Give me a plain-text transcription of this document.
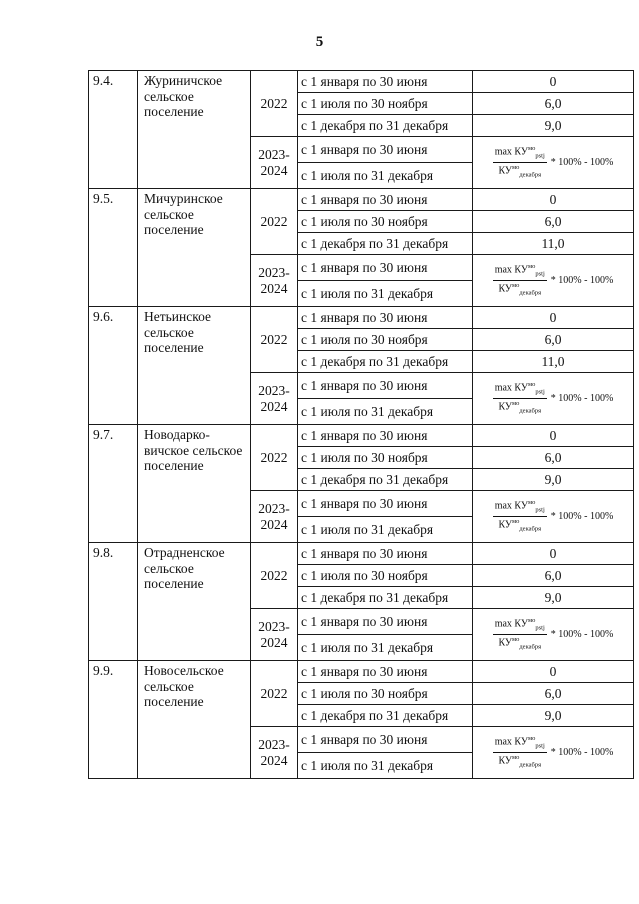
5
9.4.	Журиничское сельское поселение	2022	с 1 января по 30 июня	0
			с 1 июля по 30 ноября	6,0
			с 1 декабря по 31 декабря	9,0
		2023-2024	с 1 января по 30 июня	$\frac{\max КУ^{мо}_{pstj}}{КУ^{мо}_{декабря}} * 100\% - 100\%$

			с 1 июля по 31 декабря	
9.5.	Мичуринское сельское поселение	2022	с 1 января по 30 июня	0
			с 1 июля по 30 ноября	6,0
			с 1 декабря по 31 декабря	11,0
		2023-2024	с 1 января по 30 июня	$\frac{\max КУ^{мо}_{pstj}}{КУ^{мо}_{декабря}} * 100\% - 100\%$

			с 1 июля по 31 декабря	
9.6.	Нетьинское сельское поселение	2022	с 1 января по 30 июня	0
			с 1 июля по 30 ноября	6,0
			с 1 декабря по 31 декабря	11,0
		2023-2024	с 1 января по 30 июня	$\frac{\max КУ^{мо}_{pstj}}{КУ^{мо}_{декабря}} * 100\% - 100\%$

			с 1 июля по 31 декабря	
9.7.	Новодарко-вичское сельское поселение	2022	с 1 января по 30 июня	0
			с 1 июля по 30 ноября	6,0
			с 1 декабря по 31 декабря	9,0
		2023-2024	с 1 января по 30 июня	$\frac{\max КУ^{мо}_{pstj}}{КУ^{мо}_{декабря}} * 100\% - 100\%$

			с 1 июля по 31 декабря	
9.8.	Отрадненское сельское поселение	2022	с 1 января по 30 июня	0
			с 1 июля по 30 ноября	6,0
			с 1 декабря по 31 декабря	9,0
		2023-2024	с 1 января по 30 июня	$\frac{\max КУ^{мо}_{pstj}}{КУ^{мо}_{декабря}} * 100\% - 100\%$

			с 1 июля по 31 декабря	
9.9.	Новосельское сельское поселение	2022	с 1 января по 30 июня	0
			с 1 июля по 30 ноября	6,0
			с 1 декабря по 31 декабря	9,0
		2023-2024	с 1 января по 30 июня	$\frac{\max КУ^{мо}_{pstj}}{КУ^{мо}_{декабря}} * 100\% - 100\%$

			с 1 июля по 31 декабря	
